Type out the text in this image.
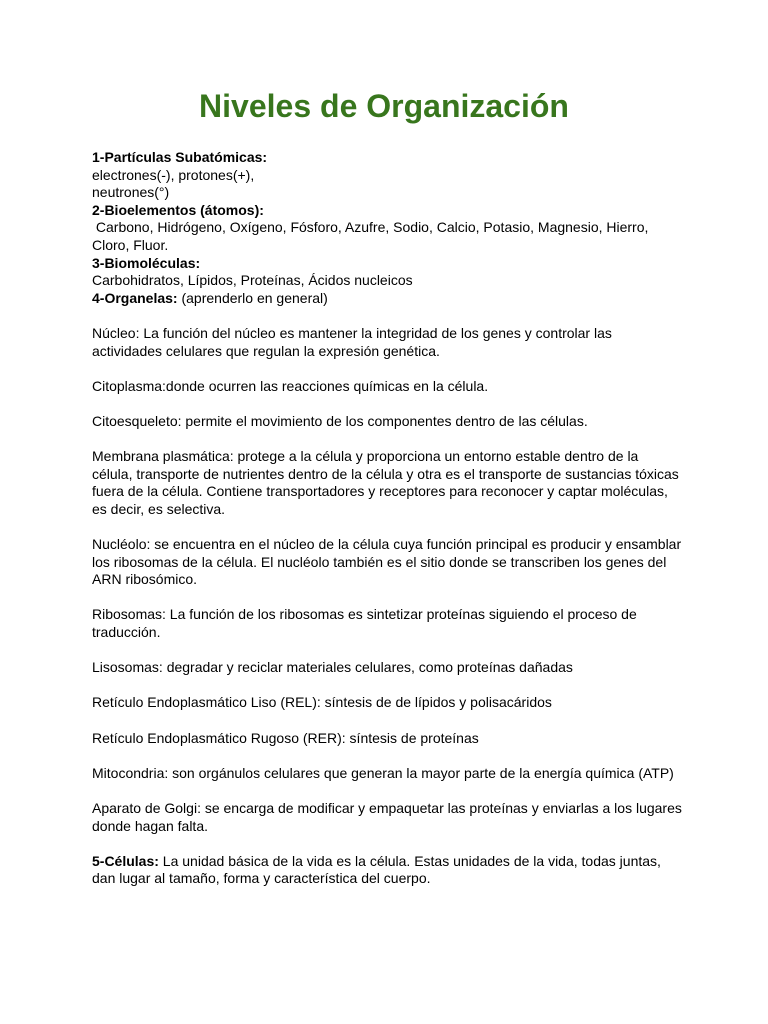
Niveles de Organización
1-Partículas Subatómicas:
electrones(-), protones(+),
neutrones(°)
2-Bioelementos (átomos):
Carbono, Hidrógeno, Oxígeno, Fósforo, Azufre, Sodio, Calcio, Potasio, Magnesio, Hierro,
Cloro, Fluor.
3-Biomoléculas:
Carbohidratos, Lípidos, Proteínas, Ácidos nucleicos
4-Organelas: (aprenderlo en general)
Núcleo: La función del núcleo es mantener la integridad de los genes y controlar las actividades celulares que regulan la expresión genética.
Citoplasma:donde ocurren las reacciones químicas en la célula.
Citoesqueleto: permite el movimiento de los componentes dentro de las células.
Membrana plasmática: protege a la célula y proporciona un entorno estable dentro de la célula, transporte de nutrientes dentro de la célula y otra es el transporte de sustancias tóxicas fuera de la célula. Contiene transportadores y receptores para reconocer y captar moléculas, es decir, es selectiva.
Nucléolo: se encuentra en el núcleo de la célula cuya función principal es producir y ensamblar los ribosomas de la célula. El nucléolo también es el sitio donde se transcriben los genes del ARN ribosómico.
Ribosomas: La función de los ribosomas es sintetizar proteínas siguiendo el proceso de traducción.
Lisosomas: degradar y reciclar materiales celulares, como proteínas dañadas
Retículo Endoplasmático Liso (REL): síntesis de de lípidos y polisacáridos
Retículo Endoplasmático Rugoso (RER): síntesis de proteínas
Mitocondria: son orgánulos celulares que generan la mayor parte de la energía química (ATP)
Aparato de Golgi: se encarga de modificar y empaquetar las proteínas y enviarlas a los lugares donde hagan falta.
5-Células: La unidad básica de la vida es la célula. Estas unidades de la vida, todas juntas, dan lugar al tamaño, forma y característica del cuerpo.
